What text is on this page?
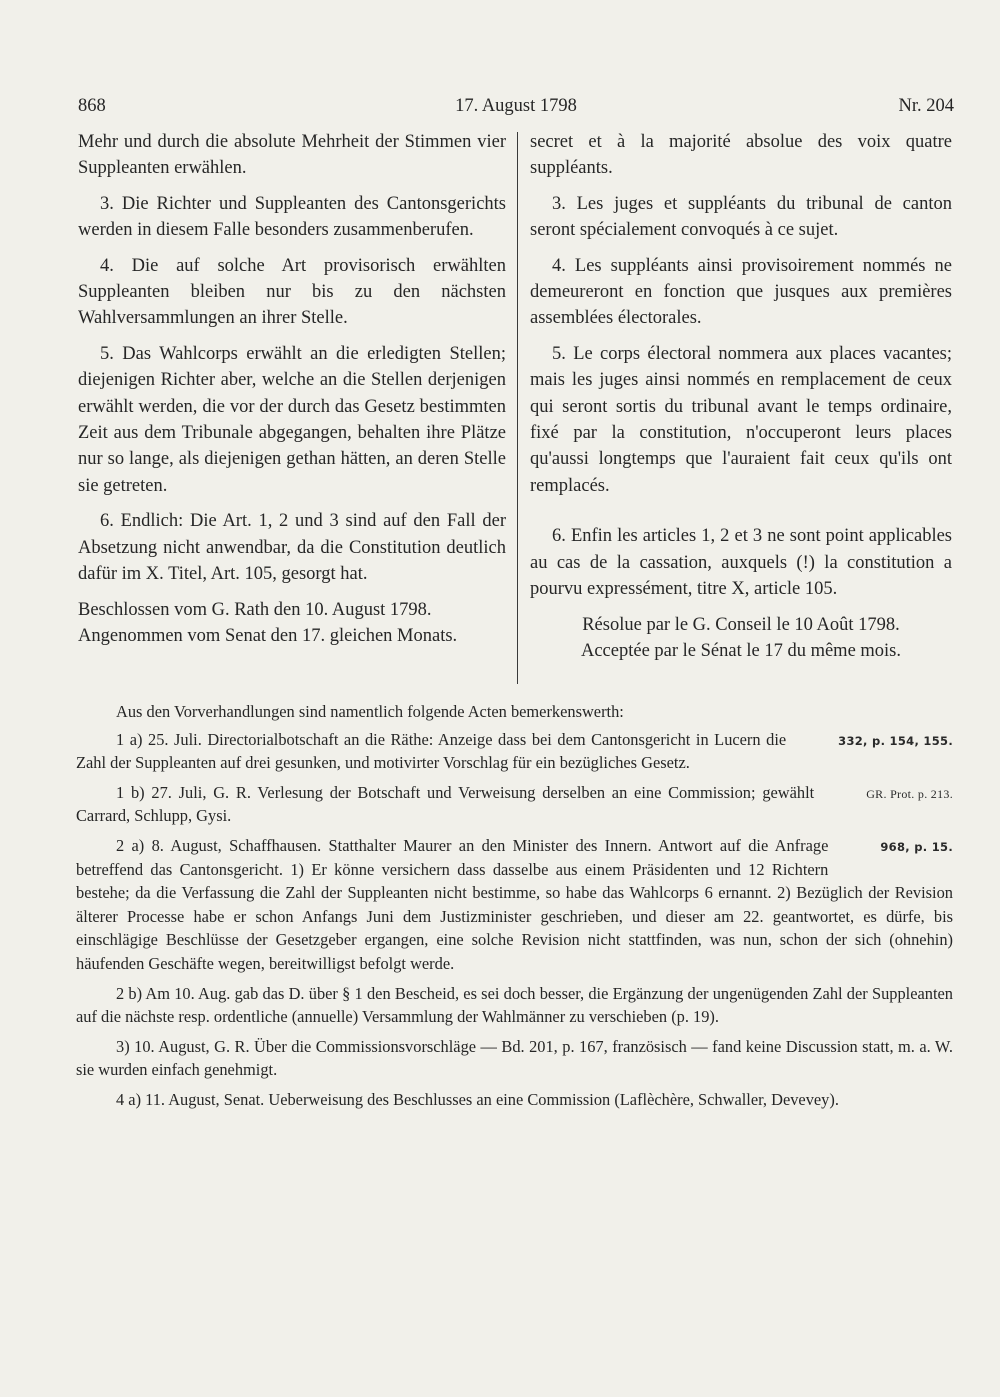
868	17. August 1798	Nr. 204

Mehr und durch die absolute Mehrheit der Stimmen vier Suppleanten erwählen.

3. Die Richter und Suppleanten des Cantonsgerichts werden in diesem Falle besonders zusammenberufen.

4. Die auf solche Art provisorisch erwählten Suppleanten bleiben nur bis zu den nächsten Wahlversammlungen an ihrer Stelle.

5. Das Wahlcorps erwählt an die erledigten Stellen; diejenigen Richter aber, welche an die Stellen derjenigen erwählt werden, die vor der durch das Gesetz bestimmten Zeit aus dem Tribunale abgegangen, behalten ihre Plätze nur so lange, als diejenigen gethan hätten, an deren Stelle sie getreten.

6. Endlich: Die Art. 1, 2 und 3 sind auf den Fall der Absetzung nicht anwendbar, da die Constitution deutlich dafür im X. Titel, Art. 105, gesorgt hat.

Beschlossen vom G. Rath den 10. August 1798.

Angenommen vom Senat den 17. gleichen Monats.

secret et à la majorité absolue des voix quatre suppléants.

3. Les juges et suppléants du tribunal de canton seront spécialement convoqués à ce sujet.

4. Les suppléants ainsi provisoirement nommés ne demeureront en fonction que jusques aux premières assemblées électorales.

5. Le corps électoral nommera aux places vacantes; mais les juges ainsi nommés en remplacement de ceux qui seront sortis du tribunal avant le temps ordinaire, fixé par la constitution, n'occuperont leurs places qu'aussi longtemps que l'auraient fait ceux qu'ils ont remplacés.

6. Enfin les articles 1, 2 et 3 ne sont point applicables au cas de la cassation, auxquels (!) la constitution a pourvu expressément, titre X, article 105.

Résolue par le G. Conseil le 10 Août 1798.

Acceptée par le Sénat le 17 du même mois.

Aus den Vorverhandlungen sind namentlich folgende Acten bemerkenswerth:

332, p. 154, 155.
1 a) 25. Juli. Directorialbotschaft an die Räthe: Anzeige dass bei dem Cantonsgericht in Lucern die Zahl der Suppleanten auf drei gesunken, und motivirter Vorschlag für ein bezügliches Gesetz.

GR. Prot. p. 213.
1 b) 27. Juli, G. R. Verlesung der Botschaft und Verweisung derselben an eine Commission; gewählt Carrard, Schlupp, Gysi.

968, p. 15.
2 a) 8. August, Schaffhausen. Statthalter Maurer an den Minister des Innern. Antwort auf die Anfrage betreffend das Cantonsgericht. 1) Er könne versichern dass dasselbe aus einem Präsidenten und 12 Richtern bestehe; da die Verfassung die Zahl der Suppleanten nicht bestimme, so habe das Wahlcorps 6 ernannt. 2) Bezüglich der Revision älterer Processe habe er schon Anfangs Juni dem Justizminister geschrieben, und dieser am 22. geantwortet, es dürfe, bis einschlägige Beschlüsse der Gesetzgeber ergangen, eine solche Revision nicht stattfinden, was nun, schon der sich (ohnehin) häufenden Geschäfte wegen, bereitwilligst befolgt werde.

2 b) Am 10. Aug. gab das D. über § 1 den Bescheid, es sei doch besser, die Ergänzung der ungenügenden Zahl der Suppleanten auf die nächste resp. ordentliche (annuelle) Versammlung der Wahlmänner zu verschieben (p. 19).

3) 10. August, G. R. Über die Commissionsvorschläge — Bd. 201, p. 167, französisch — fand keine Discussion statt, m. a. W. sie wurden einfach genehmigt.

4 a) 11. August, Senat. Ueberweisung des Beschlusses an eine Commission (Laflèchère, Schwaller, Devevey).
